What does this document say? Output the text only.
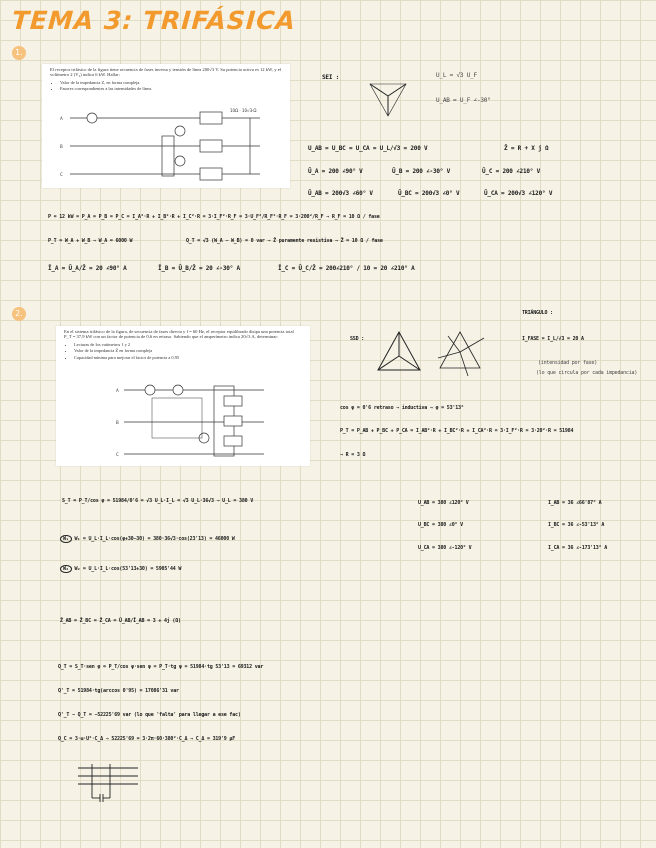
TEMA 3: TRIFÁSICA
1.

El receptor trifásico de la figura tiene secuencia de fases inversa y tensión de línea 200√3 V. Su potencia activa es 12 kW, y el voltímetro 2 (V₂) indica 6 kW. Hallar:

• Valor de la impedancia Z, en forma compleja.
• Fasores correspondientes a las intensidades de línea.
A
B
C
10Ω · 10√3·Ω
SEI :	U_L = √3 U_F
U_AB = U_F ∠-30°
U_AB = U_BC = U_CA = U_L/√3 = 200 V	Z̄ = R + X j Ω
Ū_A = 200 ∠90° V	Ū_B = 200 ∠-30° V	Ū_C = 200 ∠210° V
Ū_AB = 200√3 ∠60° V	Ū_BC = 200√3 ∠0° V	Ū_CA = 200√3 ∠120° V
P = 12 kW = P_A = P_B = P_C = I_A²·R + I_B²·R + I_C²·R = 3·I_F²·R_F = 3·U_F²/R_F²·R_F = 3·200²/R_F ⇒ R_F = 10 Ω / fase
P_T = W_A + W_B ⇒ W_A = 6000 W	Q_T = √3 (W_A − W_B) = 0 var ⇒ Z̄ puramente resistiva ⇒ Z̄ = 10 Ω / fase
Ī_A = Ū_A/Z̄ = 20 ∠90° A	Ī_B = Ū_B/Z̄ = 20 ∠-30° A	Ī_C = Ū_C/Z̄ = 200∠210° / 10 = 20 ∠210° A
2.

En el sistema trifásico de la figura, de secuencia de fases directa y f = 60 Hz, el receptor equilibrado disipa una potencia total P_T = 37,9 kW con un factor de potencia de 0,6 en retraso. Sabiendo que el amperímetro indica 20√3 A, determinar:

• Lecturas de los vatímetros 1 y 2
• Valor de la impedancia Z̄ en forma compleja
• Capacidad mínima para mejorar el factor de potencia a 0,95
A
B
C
TRIÁNGULO :
I_FASE = I_L/√3 = 20 A
(intensidad por fase)
(lo que circula por cada impedancia)
SSD :
cos φ = 0'6 retraso ⇒ inductiva ⇒ φ = 53'13°
P_T = P_AB + P_BC + P_CA = I_AB²·R + I_BC²·R + I_CA²·R = 3·I_F²·R = 3·20²·R = 51984
⇒ R = 3 Ω
S_T = P_T/cos φ = 51984/0'6 = √3 U_L·I_L = √3 U_L·36√3 ⇒ U_L = 380 V
W₁ W₁ = U_L·I_L·cos(φ+30−30) = 380·36√3·cos(23'13) = 46000 W
W₂ W₂ = U_L·I_L·cos(53'13+30) = 5905'44 W
U_AB = 380 ∠120° V
U_BC = 380 ∠0° V
U_CA = 380 ∠-120° V
I_AB = 36 ∠66'87° A
I_BC = 36 ∠-53'13° A
I_CA = 36 ∠-173'13° A
Z̄_AB = Z̄_BC = Z̄_CA = Ū_AB/Ī_AB = 3 + 4j (Ω)
Q_T = S_T·sen φ = P_T/cos φ·sen φ = P_T·tg φ = 51984·tg 53'13 = 69312 var
Q'_T = 51984·tg(arccos 0'95) = 17086'31 var
Q'_T − Q_T = −52225'69 var (lo que 'falta' para llegar a ese fac)
Q_C = 3·ω·U²·C_Δ ⇒ 52225'69 = 3·2π·60·380²·C_Δ ⇒ C_Δ = 319'9 μF
